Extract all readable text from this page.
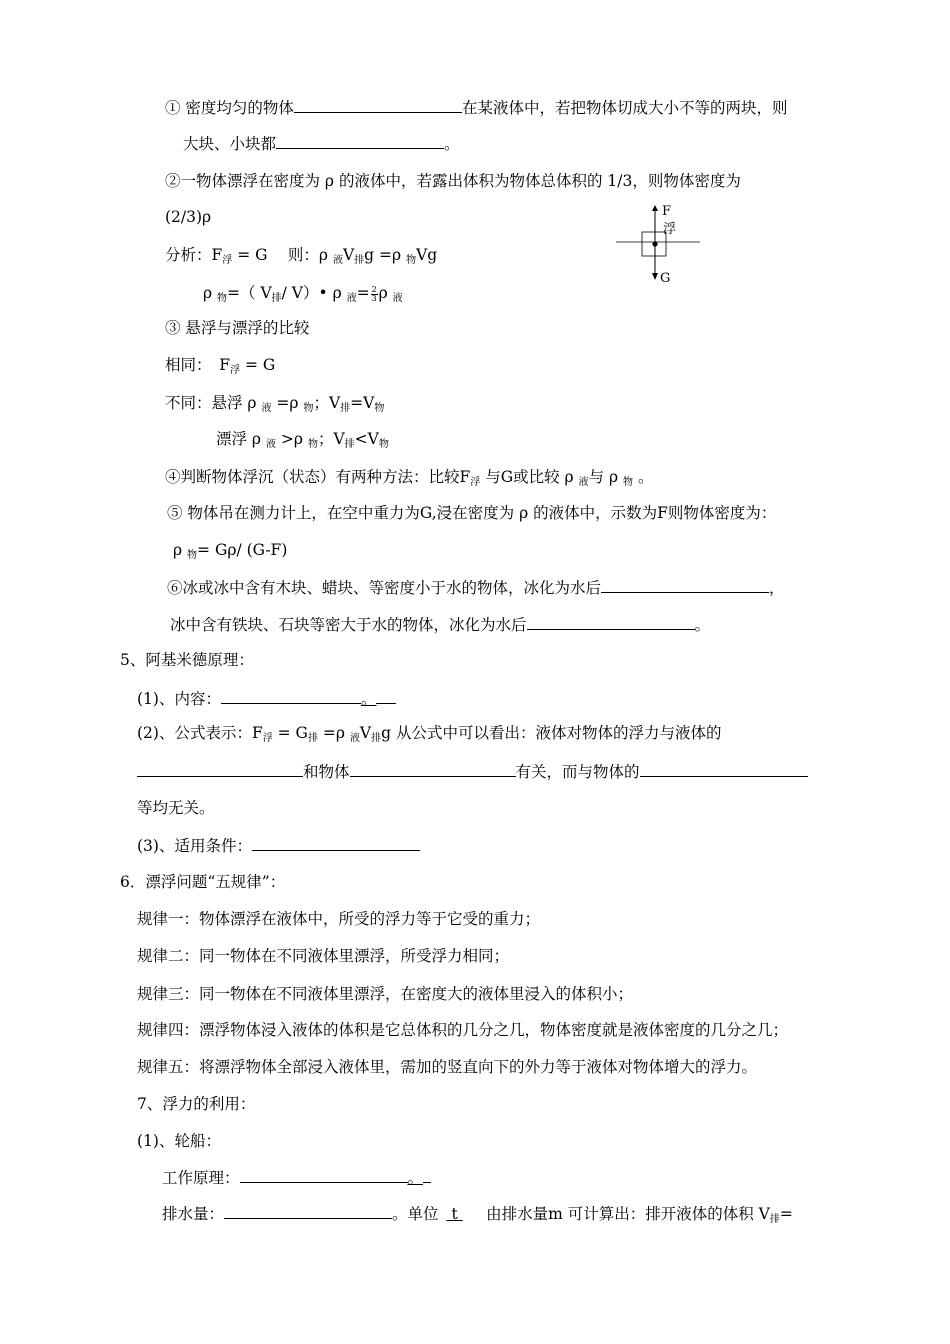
① 密度均匀的物体	在某液体中，若把物体切成大小不等的两块，则
大块、小块都	。
②一物体漂浮在密度为 ρ 的液体中，若露出体积为物体总体积的 1/3，则物体密度为
(2/3)ρ
分析：F浮 = G　 则：ρ 液V排g =ρ 物Vg
ρ 物=（ V排/ V）• ρ 液= $\frac{2}{3}$ ρ 液
F
浮
G
③ 悬浮与漂浮的比较
相同：　F浮 = G
不同：悬浮 ρ 液 =ρ 物；V排=V物
漂浮 ρ 液 >ρ 物；V排<V物
④判断物体浮沉（状态）有两种方法：比较F浮 与G或比较 ρ 液与 ρ 物 。
⑤ 物体吊在测力计上，在空中重力为G,浸在密度为 ρ 的液体中，示数为F则物体密度为：
ρ 物= Gρ/ (G-F)
⑥冰或冰中含有木块、蜡块、等密度小于水的物体，冰化为水后	，
冰中含有铁块、石块等密大于水的物体，冰化为水后	。
5、阿基米德原理：
(1)、内容：	。
(2)、公式表示：F浮 = G排 =ρ 液V排g 从公式中可以看出：液体对物体的浮力与液体的
和物体	有关，而与物体的
等均无关。
(3)、适用条件：
6．漂浮问题“五规律”：
规律一：物体漂浮在液体中，所受的浮力等于它受的重力；
规律二：同一物体在不同液体里漂浮，所受浮力相同；
规律三：同一物体在不同液体里漂浮，在密度大的液体里浸入的体积小；
规律四：漂浮物体浸入液体的体积是它总体积的几分之几，物体密度就是液体密度的几分之几；
规律五：将漂浮物体全部浸入液体里，需加的竖直向下的外力等于液体对物体增大的浮力。
7、浮力的利用：
(1)、轮船：
工作原理：	。
排水量：	。单位 t 　由排水量m 可计算出：排开液体的体积 V排=
